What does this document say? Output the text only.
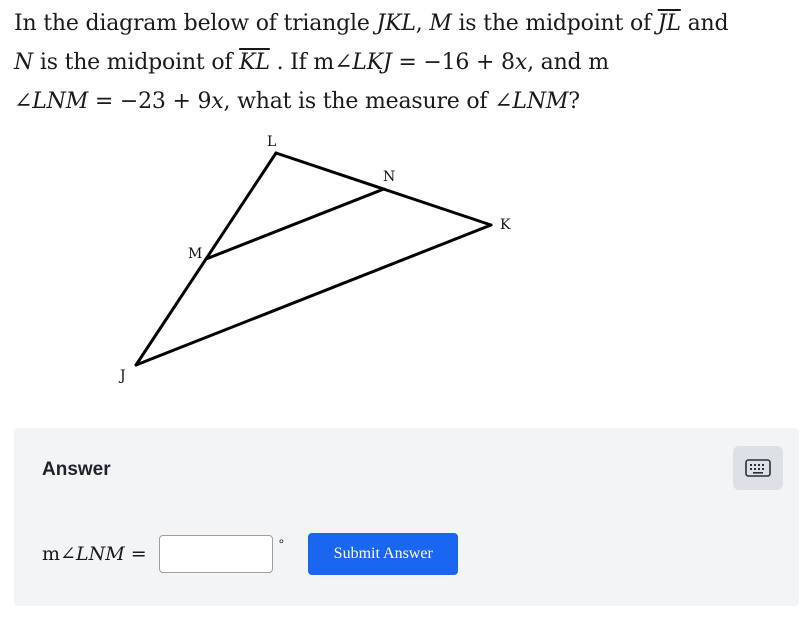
In the diagram below of triangle JKL, M is the midpoint of $\overline{JL}$ and
N is the midpoint of $\overline{KL}$ . If m∠LKJ = −16 + 8x, and m
∠LNM = −23 + 9x, what is the measure of ∠LNM?
L
N
K
M
J
Answer
m∠LNM =	°
Submit Answer
